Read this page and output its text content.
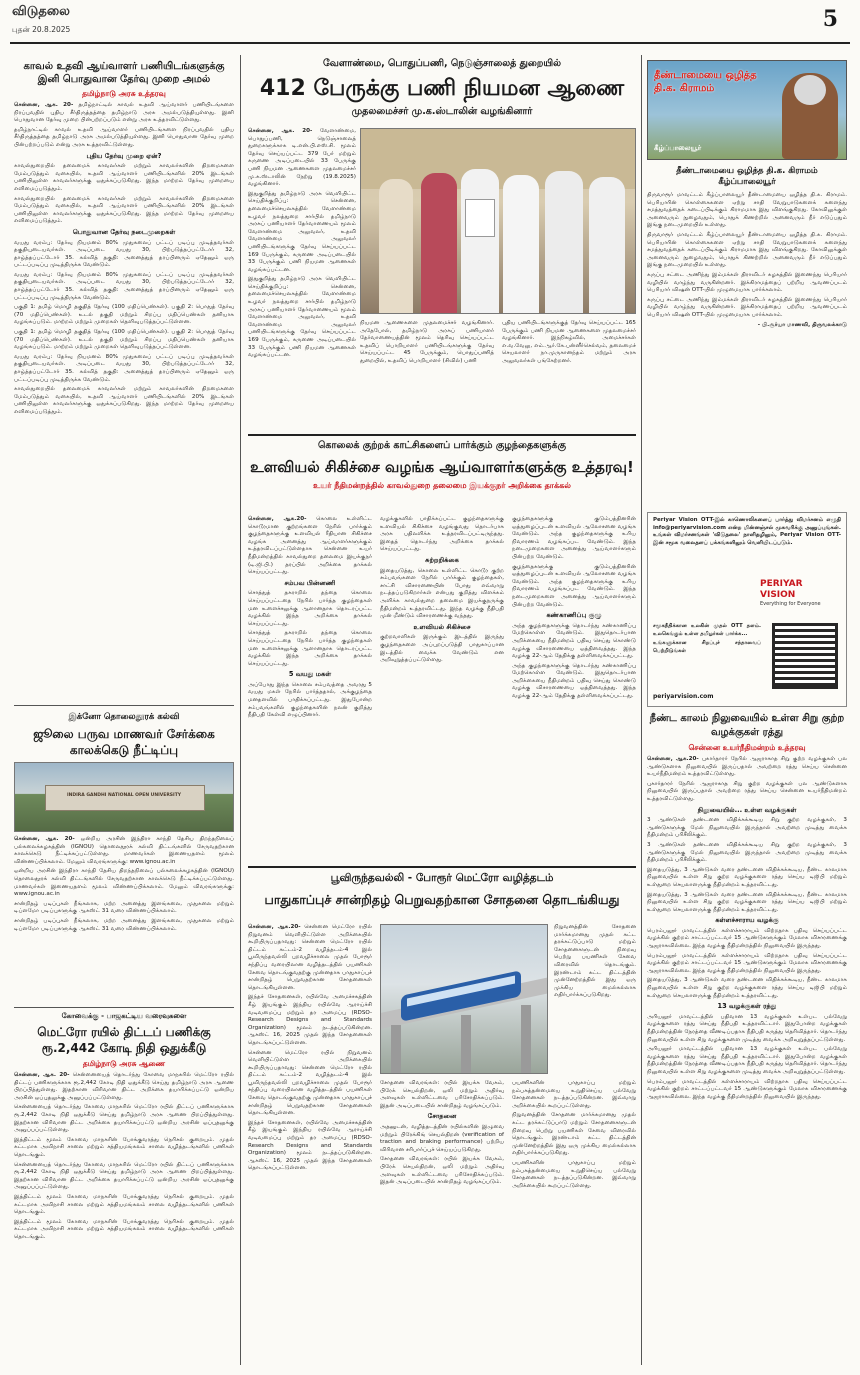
விடுதலை
புதன் 20.8.2025	5
காவல் உதவி ஆய்வாளர் பணியிடங்களுக்கு இனி பொதுவான தேர்வு முறை அமல்
தமிழ்நாடு அரசு உத்தரவு

சென்னை, ஆக. 20- தமிழ்நாட்டில் காவல் உதவி ஆய்வாளர் பணியிடங்களை நிரப்புவதில் புதிய சீர்திருத்தத்தை தமிழ்நாடு அரசு அமல்படுத்தியுள்ளது. இனி பொதுவான தேர்வு முறை பின்பற்றப்படும் என்று அரசு உத்தரவிட்டுள்ளது.

தமிழ்நாட்டில் காவல் உதவி ஆய்வாளர் பணியிடங்களை நிரப்புவதில் புதிய சீர்திருத்தத்தை தமிழ்நாடு அரசு அமல்படுத்தியுள்ளது. இனி பொதுவான தேர்வு முறை பின்பற்றப்படும் என்று அரசு உத்தரவிட்டுள்ளது.

புதிய தேர்வு முறை ஏன்?

காவல்துறையில் தலைமைக் காவலர்கள் மற்றும் காவலர்களின் திறமைகளை மேம்படுத்தும் வகையில், உதவி ஆய்வாளர் பணியிடங்களில் 20% இடங்கள் பணியிலுள்ள காவலர்களுக்கு ஒதுக்கப்படுகிறது. இந்த மாற்றம் தேர்வு முறையை எளிமைப்படுத்தும்.

காவல்துறையில் தலைமைக் காவலர்கள் மற்றும் காவலர்களின் திறமைகளை மேம்படுத்தும் வகையில், உதவி ஆய்வாளர் பணியிடங்களில் 20% இடங்கள் பணியிலுள்ள காவலர்களுக்கு ஒதுக்கப்படுகிறது. இந்த மாற்றம் தேர்வு முறையை எளிமைப்படுத்தும்.

பொதுவான தேர்வு நடைமுறைகள்

வயது வரம்பு: தேர்வு நியமனம் 80% முதுகலைப் பட்டப் படிப்பு முடித்தவர்கள் தகுதியுடையவர்கள். அடிப்படை வயது 30, பிற்படுத்தப்பட்டோர் 32, தாழ்த்தப்பட்டோர் 35. கல்வித் தகுதி: அனைத்துத் தரப்பினரும் ஏதேனும் ஒரு பட்டப்படிப்பு முடித்திருக்க வேண்டும்.

வயது வரம்பு: தேர்வு நியமனம் 80% முதுகலைப் பட்டப் படிப்பு முடித்தவர்கள் தகுதியுடையவர்கள். அடிப்படை வயது 30, பிற்படுத்தப்பட்டோர் 32, தாழ்த்தப்பட்டோர் 35. கல்வித் தகுதி: அனைத்துத் தரப்பினரும் ஏதேனும் ஒரு பட்டப்படிப்பு முடித்திருக்க வேண்டும்.

பகுதி 1: தமிழ் மொழி தகுதித் தேர்வு (100 மதிப்பெண்கள்). பகுதி 2: பொதுத் தேர்வு (70 மதிப்பெண்கள்). உடல் தகுதி மற்றும் சிறப்பு மதிப்பெண்கள் தனியாக வழங்கப்படும். மாற்றம் மற்றும் முறைகள் தெளிவுபடுத்தப்பட்டுள்ளன.

பகுதி 1: தமிழ் மொழி தகுதித் தேர்வு (100 மதிப்பெண்கள்). பகுதி 2: பொதுத் தேர்வு (70 மதிப்பெண்கள்). உடல் தகுதி மற்றும் சிறப்பு மதிப்பெண்கள் தனியாக வழங்கப்படும். மாற்றம் மற்றும் முறைகள் தெளிவுபடுத்தப்பட்டுள்ளன.

வயது வரம்பு: தேர்வு நியமனம் 80% முதுகலைப் பட்டப் படிப்பு முடித்தவர்கள் தகுதியுடையவர்கள். அடிப்படை வயது 30, பிற்படுத்தப்பட்டோர் 32, தாழ்த்தப்பட்டோர் 35. கல்வித் தகுதி: அனைத்துத் தரப்பினரும் ஏதேனும் ஒரு பட்டப்படிப்பு முடித்திருக்க வேண்டும்.

காவல்துறையில் தலைமைக் காவலர்கள் மற்றும் காவலர்களின் திறமைகளை மேம்படுத்தும் வகையில், உதவி ஆய்வாளர் பணியிடங்களில் 20% இடங்கள் பணியிலுள்ள காவலர்களுக்கு ஒதுக்கப்படுகிறது. இந்த மாற்றம் தேர்வு முறையை எளிமைப்படுத்தும்.

இக்னோ தொலைதூரக் கல்வி
ஜூலை பருவ மாணவர் சேர்க்கை காலக்கெடு நீட்டிப்பு
INDIRA GANDHI NATIONAL OPEN UNIVERSITY

சென்னை, ஆக. 20- ஒன்றிய அரசின் இந்திரா காந்தி தேசிய திறந்தநிலைப் பல்கலைக்கழகத்தின் (IGNOU) தொலைதூரக் கல்வி திட்டங்களில் சேருவதற்கான காலக்கெடு நீட்டிக்கப்பட்டுள்ளது. மாணவர்கள் இணையதளம் மூலம் விண்ணப்பிக்கலாம். மேலும் விவரங்களுக்கு: www.ignou.ac.in

ஒன்றிய அரசின் இந்திரா காந்தி தேசிய திறந்தநிலைப் பல்கலைக்கழகத்தின் (IGNOU) தொலைதூரக் கல்வி திட்டங்களில் சேருவதற்கான காலக்கெடு நீட்டிக்கப்பட்டுள்ளது. மாணவர்கள் இணையதளம் மூலம் விண்ணப்பிக்கலாம். மேலும் விவரங்களுக்கு: www.ignou.ac.in

சான்றிதழ் படிப்புகள் நீங்கலாக, மற்ற அனைத்து இளங்கலை, முதுகலை மற்றும் டிப்ளமோ படிப்புகளுக்கு ஆகஸ்ட் 31 வரை விண்ணப்பிக்கலாம்.

சான்றிதழ் படிப்புகள் நீங்கலாக, மற்ற அனைத்து இளங்கலை, முதுகலை மற்றும் டிப்ளமோ படிப்புகளுக்கு ஆகஸ்ட் 31 வரை விண்ணப்பிக்கலாம்.

கோவைக்கு - பாஜகட்டிய வரைவுகளை
மெட்ரோ ரயில் திட்டப் பணிக்கு ரூ.2,442 கோடி நிதி ஒதுக்கீடு
தமிழ்நாடு அரசு ஆணை

சென்னை, ஆக. 20- சென்னையைத் தொடர்ந்து கோவை மாநகரில் மெட்ரோ ரயில் திட்டப் பணிகளுக்காக ரூ.2,442 கோடி நிதி ஒதுக்கீடு செய்து தமிழ்நாடு அரசு ஆணை பிறப்பித்துள்ளது. இதற்கான விரிவான திட்ட அறிக்கை தயாரிக்கப்பட்டு ஒன்றிய அரசின் ஒப்புதலுக்கு அனுப்பப்பட்டுள்ளது.

சென்னையைத் தொடர்ந்து கோவை மாநகரில் மெட்ரோ ரயில் திட்டப் பணிகளுக்காக ரூ.2,442 கோடி நிதி ஒதுக்கீடு செய்து தமிழ்நாடு அரசு ஆணை பிறப்பித்துள்ளது. இதற்கான விரிவான திட்ட அறிக்கை தயாரிக்கப்பட்டு ஒன்றிய அரசின் ஒப்புதலுக்கு அனுப்பப்பட்டுள்ளது.

இத்திட்டம் மூலம் கோவை மாநகரின் போக்குவரத்து நெரிசல் குறையும். முதல் கட்டமாக அவிநாசி சாலை மற்றும் சத்தியமங்கலம் சாலை வழித்தடங்களில் பணிகள் தொடங்கும்.

சென்னையைத் தொடர்ந்து கோவை மாநகரில் மெட்ரோ ரயில் திட்டப் பணிகளுக்காக ரூ.2,442 கோடி நிதி ஒதுக்கீடு செய்து தமிழ்நாடு அரசு ஆணை பிறப்பித்துள்ளது. இதற்கான விரிவான திட்ட அறிக்கை தயாரிக்கப்பட்டு ஒன்றிய அரசின் ஒப்புதலுக்கு அனுப்பப்பட்டுள்ளது.

இத்திட்டம் மூலம் கோவை மாநகரின் போக்குவரத்து நெரிசல் குறையும். முதல் கட்டமாக அவிநாசி சாலை மற்றும் சத்தியமங்கலம் சாலை வழித்தடங்களில் பணிகள் தொடங்கும்.

இத்திட்டம் மூலம் கோவை மாநகரின் போக்குவரத்து நெரிசல் குறையும். முதல் கட்டமாக அவிநாசி சாலை மற்றும் சத்தியமங்கலம் சாலை வழித்தடங்களில் பணிகள் தொடங்கும்.

வேளாண்மை, பொதுப்பணி, நெடுஞ்சாலைத் துறையில்
412 பேருக்கு பணி நியமன ஆணை
முதலமைச்சர் மு.க.ஸ்டாலின் வழங்கினார்

சென்னை, ஆக. 20- வேளாண்மை, பொதுப்பணி, நெடுஞ்சாலைத் துறைகளுக்காக டி.என்.பி.எஸ்.சி. மூலம் தேர்வு செய்யப்பட்ட 379 பேர் மற்றும் கருணை அடிப்படையில் 33 பேருக்கு பணி நியமன ஆணைகளை முதலமைச்சர் மு.க.ஸ்டாலின் நேற்று (19.8.2025) வழங்கினார்.

இதுகுறித்து தமிழ்நாடு அரசு வெளியிட்ட செய்திக்குறிப்பு: சென்னை, தலைமைச்செயலகத்தில் வேளாண்மை உழவர் நலத்துறை சார்பில் தமிழ்நாடு அரசுப் பணியாளர் தேர்வாணையம் மூலம் வேளாண்மை அலுவலர், உதவி வேளாண்மை அலுவலர் பணியிடங்களுக்கு தேர்வு செய்யப்பட்ட 169 பேருக்கும், கருணை அடிப்படையில் 33 பேருக்கும் பணி நியமன ஆணைகள் வழங்கப்பட்டன.

இதுகுறித்து தமிழ்நாடு அரசு வெளியிட்ட செய்திக்குறிப்பு: சென்னை, தலைமைச்செயலகத்தில் வேளாண்மை உழவர் நலத்துறை சார்பில் தமிழ்நாடு அரசுப் பணியாளர் தேர்வாணையம் மூலம் வேளாண்மை அலுவலர், உதவி வேளாண்மை அலுவலர் பணியிடங்களுக்கு தேர்வு செய்யப்பட்ட 169 பேருக்கும், கருணை அடிப்படையில் 33 பேருக்கும் பணி நியமன ஆணைகள் வழங்கப்பட்டன.

நியமன ஆணைகளை முதலமைச்சர் வழங்கினார். அதேபோல், தமிழ்நாடு அரசுப் பணியாளர் தேர்வாணையத்தின் மூலம் தெரிவு செய்யப்பட்ட உதவிப் பொறியாளர் பணியிடங்களுக்கு தேர்வு செய்யப்பட்ட 45 பேருக்கும், பொதுப்பணித் துறையில், உதவிப் பொறியாளர் (சிவில்) பணி

புதிய பணியிடங்களுக்குத் தேர்வு செய்யப்பட்ட 165 பேருக்கும் பணி நியமன ஆணைகளை முதலமைச்சர் வழங்கினார். இந்நிகழ்வில், அமைச்சர்கள் எ.வ.வேலு, எம்.ஆர்.கே.பன்னீர்செல்வம், தலைமைச் செயலாளர் நா.முருகானந்தம் மற்றும் அரசு அலுவலர்கள் பங்கேற்றனர்.

கொலைக் குற்றக் காட்சிகளைப் பார்க்கும் குழந்தைகளுக்கு
உளவியல் சிகிச்சை வழங்க ஆய்வாளர்களுக்கு உத்தரவு!
உயர் நீதிமன்றத்தில் காவல்துறை தலைமை இயக்குநர் அறிக்கை தாக்கல்

சென்னை, ஆக.20- கொலை உள்ளிட்ட கொடூரமான குற்றங்களை நேரில் பார்க்கும் குழந்தைகளுக்கு உளவியல் ரீதியான சிகிச்சை வழங்க அனைத்து ஆய்வாளர்களுக்கும் உத்தரவிடப்பட்டுள்ளதாக சென்னை உயர் நீதிமன்றத்தில் காவல்துறை தலைமை இயக்குநர் (டி.ஜி.பி.) தரப்பில் அறிக்கை தாக்கல் செய்யப்பட்டது.

சம்பவ பின்னணி

சொத்துத் தகராறில் தந்தை கொலை செய்யப்பட்டதை நேரில் பார்த்த குழந்தைகள் மன உளைச்சலுக்கு ஆளானதாக தொடரப்பட்ட வழக்கில் இந்த அறிக்கை தாக்கல் செய்யப்பட்டது.

சொத்துத் தகராறில் தந்தை கொலை செய்யப்பட்டதை நேரில் பார்த்த குழந்தைகள் மன உளைச்சலுக்கு ஆளானதாக தொடரப்பட்ட வழக்கில் இந்த அறிக்கை தாக்கல் செய்யப்பட்டது.

5 வயது மகள்

அப்போது இந்த கொலை சம்பவத்தை அவரது 5 வயது மகள் நேரில் பார்த்ததால், அக்குழந்தை மனதளவில் பாதிக்கப்பட்டது. இதுபோன்ற சம்பவங்களில் குழந்தைகளின் நலன் குறித்து நீதிபதி கேள்வி எழுப்பினார்.

வழக்குகளில் பாதிக்கப்பட்ட குழந்தைகளுக்கு உளவியல் சிகிச்சை வழங்குவது தொடர்பாக அரசு பதிலளிக்க உத்தரவிடப்பட்டிருந்தது. இதைத் தொடர்ந்து அறிக்கை தாக்கல் செய்யப்பட்டது.

சுற்றறிக்கை

இதையடுத்து, கொலை உள்ளிட்ட கொடூர குற்ற சம்பவங்களை நேரில் பார்க்கும் குழந்தைகள், சாட்சி விசாரணையின் போது எவ்வாறு நடத்தப்படுகிறார்கள் என்பது குறித்து விளக்கம் அளிக்க காவல்துறை தலைமை இயக்குநருக்கு நீதிமன்றம் உத்தரவிட்டது. இந்த வழக்கு நீதிபதி முன் மீண்டும் விசாரணைக்கு வந்தது.

உளவியல் சிகிச்சை

குற்றவாளிகள் இருக்கும் இடத்தில் இருந்து குழந்தைகளை அப்புறப்படுத்தி பாதுகாப்பான இடத்தில் வைக்க வேண்டும் என அறிவுறுத்தப்பட்டுள்ளது.

குழந்தைகளுக்கு குடும்பத்தினரின் ஒத்துழைப்புடன் உளவியல் ஆலோசனை வழங்க வேண்டும். அந்த குழந்தைகளுக்கு உரிய நிவாரணம் வழங்கப்பட வேண்டும். இந்த நடைமுறைகளை அனைத்து ஆய்வாளர்களும் பின்பற்ற வேண்டும்.

குழந்தைகளுக்கு குடும்பத்தினரின் ஒத்துழைப்புடன் உளவியல் ஆலோசனை வழங்க வேண்டும். அந்த குழந்தைகளுக்கு உரிய நிவாரணம் வழங்கப்பட வேண்டும். இந்த நடைமுறைகளை அனைத்து ஆய்வாளர்களும் பின்பற்ற வேண்டும்.

கண்காணிப்பு குழு

அந்த குழந்தைகளுக்கு தொடர்ந்து கண்காணிப்பு மேற்கொள்ள வேண்டும். இதுதொடர்பான அறிக்கையை நீதிமன்றம் பதிவு செய்து கொண்டு வழக்கு விசாரணையை ஒத்திவைத்தது. இந்த வழக்கு 22-ஆம் தேதிக்கு தள்ளிவைக்கப்பட்டது.

அந்த குழந்தைகளுக்கு தொடர்ந்து கண்காணிப்பு மேற்கொள்ள வேண்டும். இதுதொடர்பான அறிக்கையை நீதிமன்றம் பதிவு செய்து கொண்டு வழக்கு விசாரணையை ஒத்திவைத்தது. இந்த வழக்கு 22-ஆம் தேதிக்கு தள்ளிவைக்கப்பட்டது.

பூவிருந்தவல்லி - போரூர் மெட்ரோ வழித்தடம்
பாதுகாப்புச் சான்றிதழ் பெறுவதற்கான சோதனை தொடங்கியது

சென்னை, ஆக.20- சென்னை மெட்ரோ ரயில் நிறுவனம் வெளியிட்டுள்ள அறிக்கையில் கூறியிருப்பதாவது: சென்னை மெட்ரோ ரயில் திட்டம் கட்டம்-2 வழித்தடம்-4 இல் பூவிருந்தவல்லி புறவழிச்சாலை முதல் போரூர் சந்திப்பு வரையிலான வழித்தடத்தில் பயணிகள் சேவை தொடங்குவதற்கு முன்னதாக பாதுகாப்புச் சான்றிதழ் பெறுவதற்கான சோதனைகள் தொடங்கியுள்ளன.

இந்தச் சோதனைகள், ரயில்வே அமைச்சகத்தின் கீழ் இயங்கும் இந்திய ரயில்வே ஆராய்ச்சி வடிவமைப்பு மற்றும் தர அமைப்பு (RDSO- Research Designs and Standards Organization) மூலம் நடத்தப்படுகின்றன. ஆகஸ்ட் 16, 2025 முதல் இந்த சோதனைகள் தொடங்கப்பட்டுள்ளன.

சென்னை மெட்ரோ ரயில் நிறுவனம் வெளியிட்டுள்ள அறிக்கையில் கூறியிருப்பதாவது: சென்னை மெட்ரோ ரயில் திட்டம் கட்டம்-2 வழித்தடம்-4 இல் பூவிருந்தவல்லி புறவழிச்சாலை முதல் போரூர் சந்திப்பு வரையிலான வழித்தடத்தில் பயணிகள் சேவை தொடங்குவதற்கு முன்னதாக பாதுகாப்புச் சான்றிதழ் பெறுவதற்கான சோதனைகள் தொடங்கியுள்ளன.

இந்தச் சோதனைகள், ரயில்வே அமைச்சகத்தின் கீழ் இயங்கும் இந்திய ரயில்வே ஆராய்ச்சி வடிவமைப்பு மற்றும் தர அமைப்பு (RDSO- Research Designs and Standards Organization) மூலம் நடத்தப்படுகின்றன. ஆகஸ்ட் 16, 2025 முதல் இந்த சோதனைகள் தொடங்கப்பட்டுள்ளன.

சோதனை விவரங்கள்: ரயில் இயக்க வேகம், பிரேக் செயல்திறன், ஒலி மற்றும் அதிர்வு அளவுகள் உள்ளிட்டவை பரிசோதிக்கப்படும். இதன் அடிப்படையில் சான்றிதழ் வழங்கப்படும்.

சோதனை

அதனுடன், வழித்தடத்தின் ரயில்களின் இழுவை மற்றும் பிரேக்கிங் செயல்திறன் (verification of traction and braking performance) பற்றிய விரிவான சரிபார்ப்புச் செய்யப்படுகிறது.

சோதனை விவரங்கள்: ரயில் இயக்க வேகம், பிரேக் செயல்திறன், ஒலி மற்றும் அதிர்வு அளவுகள் உள்ளிட்டவை பரிசோதிக்கப்படும். இதன் அடிப்படையில் சான்றிதழ் வழங்கப்படும்.

நிறுவனத்தின் சோதனை மார்க்கமானது முதல் கட்ட தரக்கட்டுப்பாடு மற்றும் சோதனைகளுடன் நிறைவு பெற்று பயணிகள் சேவை விரைவில் தொடங்கும். இரண்டாம் கட்ட திட்டத்தின் முன்னேற்றத்தில் இது ஒரு முக்கிய மைல்கல்லாக எதிர்பார்க்கப்படுகிறது.

பயணிகளின் பாதுகாப்பு மற்றும் நம்பகத்தன்மையை உறுதிசெய்ய பல்வேறு சோதனைகள் நடத்தப்படுகின்றன. இவ்வாறு அறிக்கையில் கூறப்பட்டுள்ளது.

நிறுவனத்தின் சோதனை மார்க்கமானது முதல் கட்ட தரக்கட்டுப்பாடு மற்றும் சோதனைகளுடன் நிறைவு பெற்று பயணிகள் சேவை விரைவில் தொடங்கும். இரண்டாம் கட்ட திட்டத்தின் முன்னேற்றத்தில் இது ஒரு முக்கிய மைல்கல்லாக எதிர்பார்க்கப்படுகிறது.

பயணிகளின் பாதுகாப்பு மற்றும் நம்பகத்தன்மையை உறுதிசெய்ய பல்வேறு சோதனைகள் நடத்தப்படுகின்றன. இவ்வாறு அறிக்கையில் கூறப்பட்டுள்ளது.

தீண்டாமையை ஒழித்த தி.க. கிராமம்
கீழ்ப்பாலையூர்
தீண்டாமையை ஒழித்த தி.க. கிராமம் கீழ்ப்பாலையூர்

திருவாரூர் மாவட்டம் கீழ்ப்பாலையூர் தீண்டாமையை ஒழித்த தி.க. கிராமம். பெரியாரின் கொள்கைகளை ஏற்று சாதி வேறுபாடுகளைக் களைந்து சமத்துவத்தைக் கடைப்பிடிக்கும் கிராமமாக இது விளங்குகிறது. கோவிலுக்குள் அனைவரும் நுழைவதும், பொதுக் கிணற்றில் அனைவரும் நீர் எடுப்பதும் இங்கு நடைமுறையில் உள்ளது.

திருவாரூர் மாவட்டம் கீழ்ப்பாலையூர் தீண்டாமையை ஒழித்த தி.க. கிராமம். பெரியாரின் கொள்கைகளை ஏற்று சாதி வேறுபாடுகளைக் களைந்து சமத்துவத்தைக் கடைப்பிடிக்கும் கிராமமாக இது விளங்குகிறது. கோவிலுக்குள் அனைவரும் நுழைவதும், பொதுக் கிணற்றில் அனைவரும் நீர் எடுப்பதும் இங்கு நடைமுறையில் உள்ளது.

கருப்பு சட்டை அணிந்து இம்மக்கள் திராவிடர் கழகத்தில் இணைந்து பெரியார் வழியில் வாழ்ந்து வருகின்றனர். இக்கிராமத்தைப் பற்றிய ஆவணப்படம் பெரியார் விஷன் OTT-யில் முழுமையாக பார்க்கலாம்.

கருப்பு சட்டை அணிந்து இம்மக்கள் திராவிடர் கழகத்தில் இணைந்து பெரியார் வழியில் வாழ்ந்து வருகின்றனர். இக்கிராமத்தைப் பற்றிய ஆவணப்படம் பெரியார் விஷன் OTT-யில் முழுமையாக பார்க்கலாம்.

- பி.சூர்யா மாணவி, திருவலக்காடு

Periyar Vision OTT-இல் காணொலிகளைப் பார்த்து விமர்சனம் எழுதி info@periyarvision.com என்ற மின்னஞ்சல் முகவரிக்கு அனுப்புங்கள். உங்கள் விமர்சனங்கள் 'விடுதலை' நாளிதழிலும், Periyar Vision OTT-இன் சமூக வலைதளப் பக்கங்களிலும் வெளியிடப்படும்.
PERIYAR VISION
Everything for Everyone

சமூகநீதிக்கான உலகின் முதல் OTT தளம். உலகெங்கும் உள்ள தமிழர்கள் பார்க்க...

உங்களுக்கான சிறப்புச் சந்தாவைப் பெற்றிடுங்கள்

periyarvision.com
நீண்ட காலம் நிலுவையில் உள்ள சிறு குற்ற வழக்குகள் ரத்து
சென்னை உயர்நீதிமன்றம் உத்தரவு

சென்னை, ஆக.20- புகார்தாரர் நேரில் ஆஜராகாத சிறு குற்ற வழக்குகள் பல ஆண்டுகளாக நிலுவையில் இருப்பதால் அவற்றை ரத்து செய்ய சென்னை உயர்நீதிமன்றம் உத்தரவிட்டுள்ளது.

புகார்தாரர் நேரில் ஆஜராகாத சிறு குற்ற வழக்குகள் பல ஆண்டுகளாக நிலுவையில் இருப்பதால் அவற்றை ரத்து செய்ய சென்னை உயர்நீதிமன்றம் உத்தரவிட்டுள்ளது.

நிலுவையில்... உள்ள வழக்குகள்

3 ஆண்டுகள் தண்டனை விதிக்கக்கூடிய சிறு குற்ற வழக்குகள், 3 ஆண்டுகளுக்கு மேல் நிலுவையில் இருந்தால் அவற்றை முடித்து வைக்க நீதிமன்றம் பரிசீலிக்கும்.

3 ஆண்டுகள் தண்டனை விதிக்கக்கூடிய சிறு குற்ற வழக்குகள், 3 ஆண்டுகளுக்கு மேல் நிலுவையில் இருந்தால் அவற்றை முடித்து வைக்க நீதிமன்றம் பரிசீலிக்கும்.

இதையடுத்து, 3 ஆண்டுகள் வரை தண்டனை விதிக்கக்கூடிய, நீண்ட காலமாக நிலுவையில் உள்ள சிறு குற்ற வழக்குகளை ரத்து செய்ய டிஜிபி மற்றும் உள்துறை செயலாளருக்கு நீதிமன்றம் உத்தரவிட்டது.

இதையடுத்து, 3 ஆண்டுகள் வரை தண்டனை விதிக்கக்கூடிய, நீண்ட காலமாக நிலுவையில் உள்ள சிறு குற்ற வழக்குகளை ரத்து செய்ய டிஜிபி மற்றும் உள்துறை செயலாளருக்கு நீதிமன்றம் உத்தரவிட்டது.

கள்ளச்சாராய வழக்கு

பெரம்பலூர் மாவட்டத்தில் கள்ளச்சாராயம் விற்றதாக பதிவு செய்யப்பட்ட வழக்கில் குற்றம் சாட்டப்பட்டவர் 15 ஆண்டுகளுக்கும் மேலாக விசாரணைக்கு ஆஜராகவில்லை. இந்த வழக்கு நீதிமன்றத்தில் நிலுவையில் இருந்தது.

பெரம்பலூர் மாவட்டத்தில் கள்ளச்சாராயம் விற்றதாக பதிவு செய்யப்பட்ட வழக்கில் குற்றம் சாட்டப்பட்டவர் 15 ஆண்டுகளுக்கும் மேலாக விசாரணைக்கு ஆஜராகவில்லை. இந்த வழக்கு நீதிமன்றத்தில் நிலுவையில் இருந்தது.

இதையடுத்து, 3 ஆண்டுகள் வரை தண்டனை விதிக்கக்கூடிய, நீண்ட காலமாக நிலுவையில் உள்ள சிறு குற்ற வழக்குகளை ரத்து செய்ய டிஜிபி மற்றும் உள்துறை செயலாளருக்கு நீதிமன்றம் உத்தரவிட்டது.

13 வழக்குகள் ரத்து

அரியலூர் மாவட்டத்தில் பதிவான 13 வழக்குகள் உள்பட பல்வேறு வழக்குகளை ரத்து செய்து நீதிபதி உத்தரவிட்டார். இதுபோன்ற வழக்குகள் நீதிமன்றத்தின் நேரத்தை வீணடிப்பதாக நீதிபதி கருத்து தெரிவித்தார். தொடர்ந்து நிலுவையில் உள்ள சிறு வழக்குகளை முடித்து வைக்க அறிவுறுத்தப்பட்டுள்ளது.

அரியலூர் மாவட்டத்தில் பதிவான 13 வழக்குகள் உள்பட பல்வேறு வழக்குகளை ரத்து செய்து நீதிபதி உத்தரவிட்டார். இதுபோன்ற வழக்குகள் நீதிமன்றத்தின் நேரத்தை வீணடிப்பதாக நீதிபதி கருத்து தெரிவித்தார். தொடர்ந்து நிலுவையில் உள்ள சிறு வழக்குகளை முடித்து வைக்க அறிவுறுத்தப்பட்டுள்ளது.

பெரம்பலூர் மாவட்டத்தில் கள்ளச்சாராயம் விற்றதாக பதிவு செய்யப்பட்ட வழக்கில் குற்றம் சாட்டப்பட்டவர் 15 ஆண்டுகளுக்கும் மேலாக விசாரணைக்கு ஆஜராகவில்லை. இந்த வழக்கு நீதிமன்றத்தில் நிலுவையில் இருந்தது.
